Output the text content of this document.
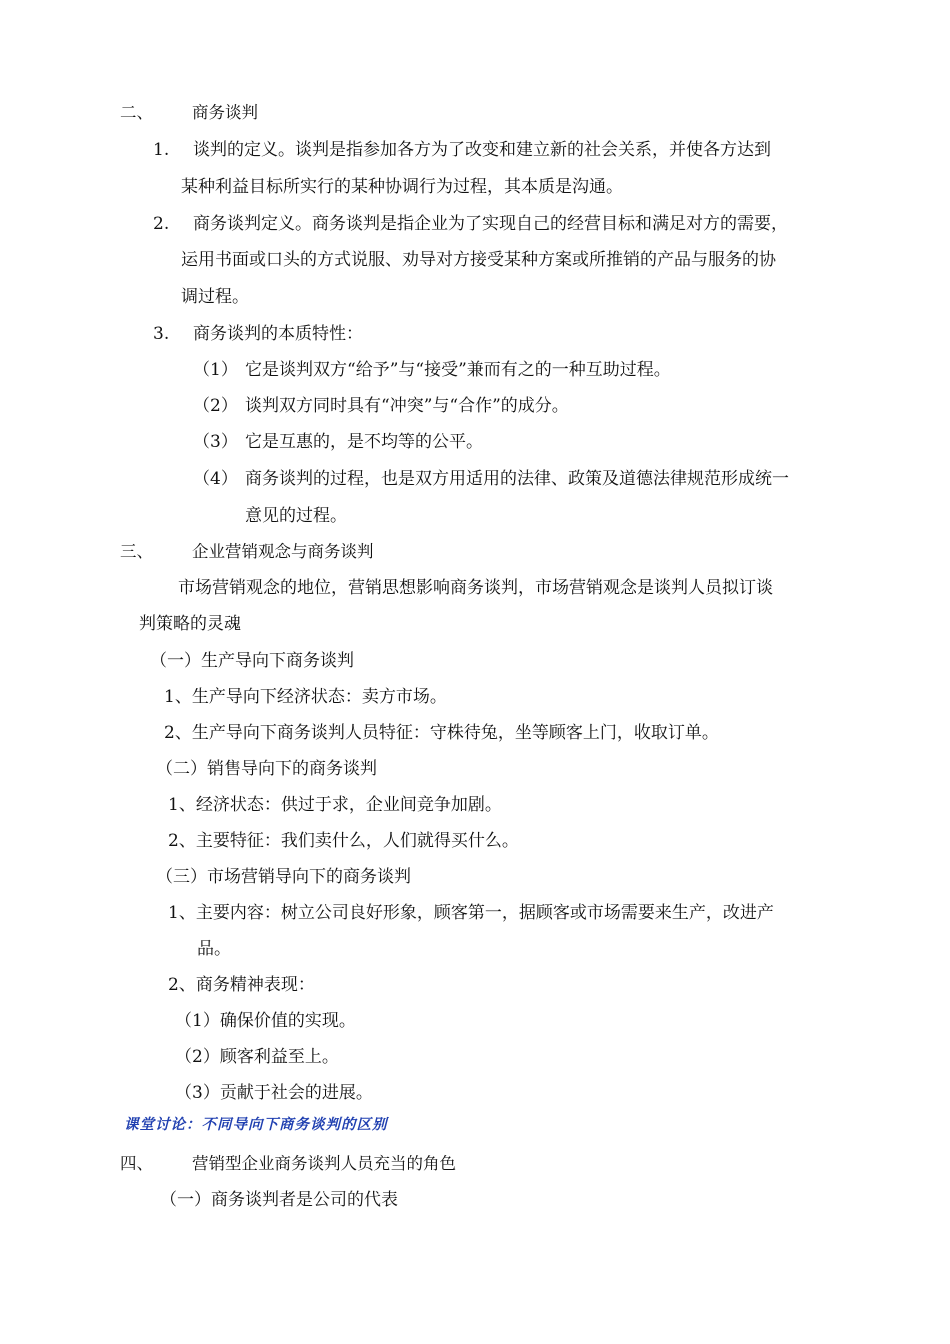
二、 商务谈判
1. 谈判的定义。谈判是指参加各方为了改变和建立新的社会关系，并使各方达到
某种利益目标所实行的某种协调行为过程，其本质是沟通。
2. 商务谈判定义。商务谈判是指企业为了实现自己的经营目标和满足对方的需要，
运用书面或口头的方式说服、劝导对方接受某种方案或所推销的产品与服务的协
调过程。
3. 商务谈判的本质特性：
（1） 它是谈判双方“给予”与“接受”兼而有之的一种互助过程。
（2） 谈判双方同时具有“冲突”与“合作”的成分。
（3） 它是互惠的，是不均等的公平。
（4） 商务谈判的过程，也是双方用适用的法律、政策及道德法律规范形成统一
意见的过程。
三、 企业营销观念与商务谈判
市场营销观念的地位，营销思想影响商务谈判，市场营销观念是谈判人员拟订谈
判策略的灵魂
（一）生产导向下商务谈判
1、生产导向下经济状态：卖方市场。
2、生产导向下商务谈判人员特征：守株待兔，坐等顾客上门，收取订单。
（二）销售导向下的商务谈判
1、经济状态：供过于求，企业间竞争加剧。
2、主要特征：我们卖什么，人们就得买什么。
（三）市场营销导向下的商务谈判
1、主要内容：树立公司良好形象，顾客第一，据顾客或市场需要来生产，改进产
品。
2、商务精神表现：
（1）确保价值的实现。
（2）顾客利益至上。
（3）贡献于社会的进展。
课堂讨论：不同导向下商务谈判的区别
四、 营销型企业商务谈判人员充当的角色
（一）商务谈判者是公司的代表
